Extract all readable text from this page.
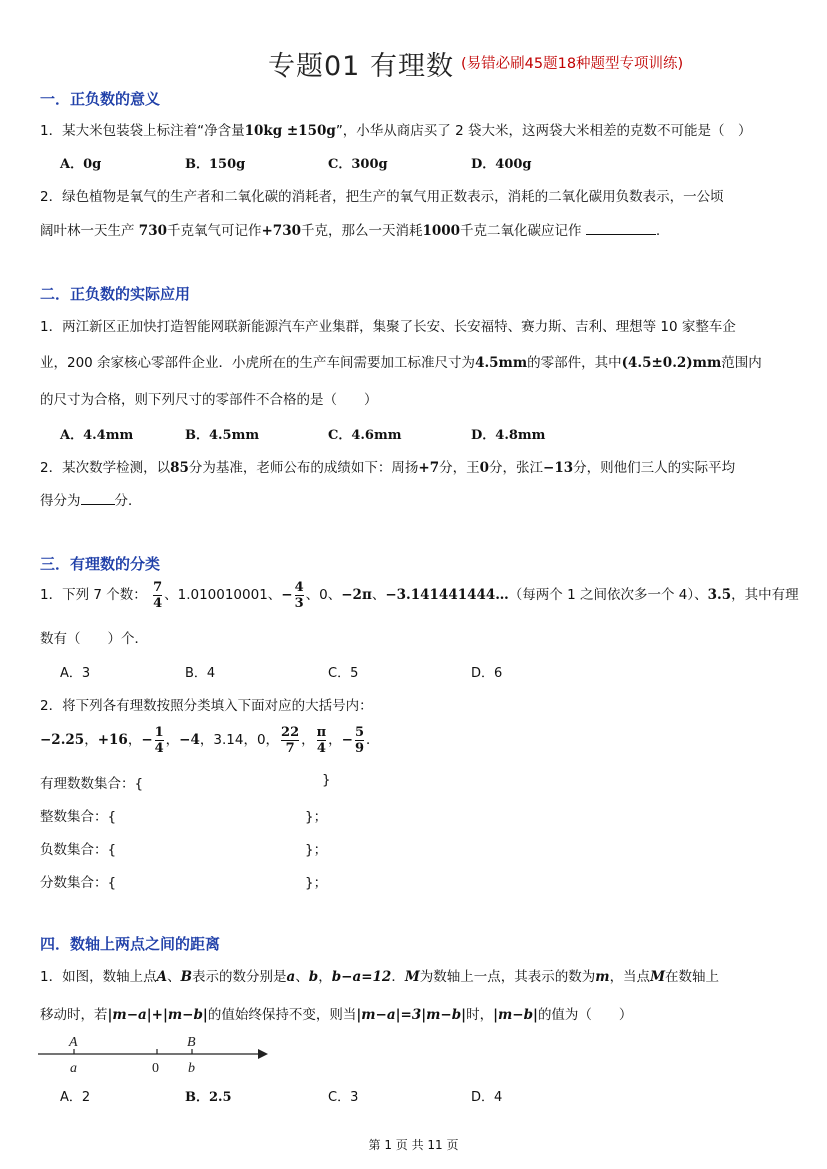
专题01 有理数 (易错必刷45题18种题型专项训练)
一．正负数的意义
1．某大米包装袋上标注着“净含量10kg ±150g”，小华从商店买了 2 袋大米，这两袋大米相差的克数不可能是（　）
A．0g	B．150g	C．300g	D．400g
2．绿色植物是氧气的生产者和二氧化碳的消耗者，把生产的氧气用正数表示，消耗的二氧化碳用负数表示，一公顷
阔叶林一天生产 730千克氧气可记作+730千克，那么一天消耗1000千克二氧化碳应记作	.
二．正负数的实际应用
1．两江新区正加快打造智能网联新能源汽车产业集群，集聚了长安、长安福特、赛力斯、吉利、理想等 10 家整车企
业，200 余家核心零部件企业．小虎所在的生产车间需要加工标准尺寸为4.5mm的零部件，其中(4.5±0.2)mm范围内
的尺寸为合格，则下列尺寸的零部件不合格的是（　　）
A．4.4mm	B．4.5mm	C．4.6mm	D．4.8mm
2．某次数学检测，以85分为基准，老师公布的成绩如下：周扬+7分，王0分，张江−13分，则他们三人的实际平均
得分为	分．
三．有理数的分类
1．下列 7 个数： $\frac{7}{4}$ 、1.010010001、− $\frac{4}{3}$ 、0、−2π、−3.141441444…（每两个 1 之间依次多一个 4）、3.5̇，其中有理
数有（　　）个．
A．3	B．4	C．5	D．6
2．将下列各有理数按照分类填入下面对应的大括号内：
−2.25，+16，− $\frac{1}{4}$ ，−4，3.14，0， $\frac{22}{7}$ ， $\frac{\pi}{4}$ ，− $\frac{5}{9}$ ．
有理数数集合：{	}
整数集合：{	}；
负数集合：{	}；
分数集合：{	}；
四．数轴上两点之间的距离
1．如图，数轴上点A、B表示的数分别是a、b，b−a=12．M为数轴上一点，其表示的数为m，当点M在数轴上
移动时，若|m−a|+|m−b|的值始终保持不变，则当|m−a|=3|m−b|时，|m−b|的值为（　　）
A	B
a	0 b
A．2	B．2.5	C．3	D．4
第 1 页 共 11 页
